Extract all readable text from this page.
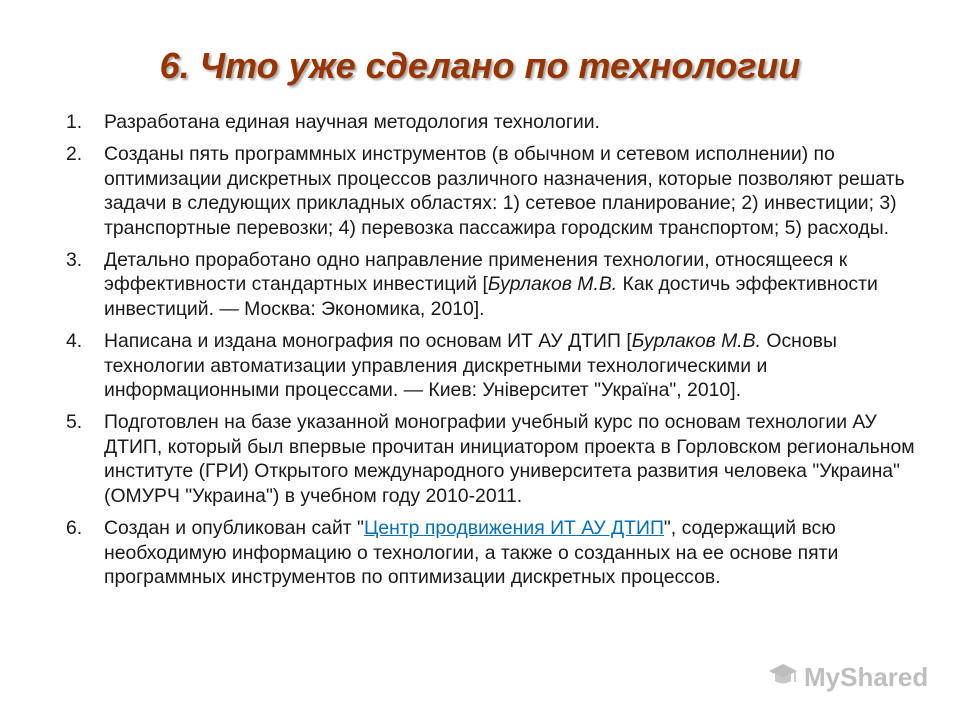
6. Что уже сделано по технологии
1.	Разработана единая научная методология технологии.
2.	Созданы пять программных инструментов (в обычном и сетевом исполнении) по оптимизации дискретных процессов различного назначения, которые позволяют решать задачи в следующих прикладных областях: 1) сетевое планирование; 2) инвестиции; 3) транспортные перевозки; 4) перевозка пассажира городским транспортом; 5) расходы.
3.	Детально проработано одно направление применения технологии, относящееся к эффективности стандартных инвестиций [Бурлаков М.В. Как достичь эффективности инвестиций. — Москва: Экономика, 2010].
4.	Написана и издана монография по основам ИТ АУ ДТИП [Бурлаков М.В. Основы технологии автоматизации управления дискретными технологическими и информационными процессами. — Киев: Університет "Україна", 2010].
5.	Подготовлен на базе указанной монографии учебный курс по основам технологии АУ ДТИП, который был впервые прочитан инициатором проекта в Горловском региональном институте (ГРИ) Открытого международного университета развития человека "Украина" (ОМУРЧ "Украина") в учебном году 2010-2011.
6.	Создан и опубликован сайт "Центр продвижения ИТ АУ ДТИП", содержащий всю необходимую информацию о технологии, а также о созданных на ее основе пяти программных инструментов по оптимизации дискретных процессов.
MyShared
